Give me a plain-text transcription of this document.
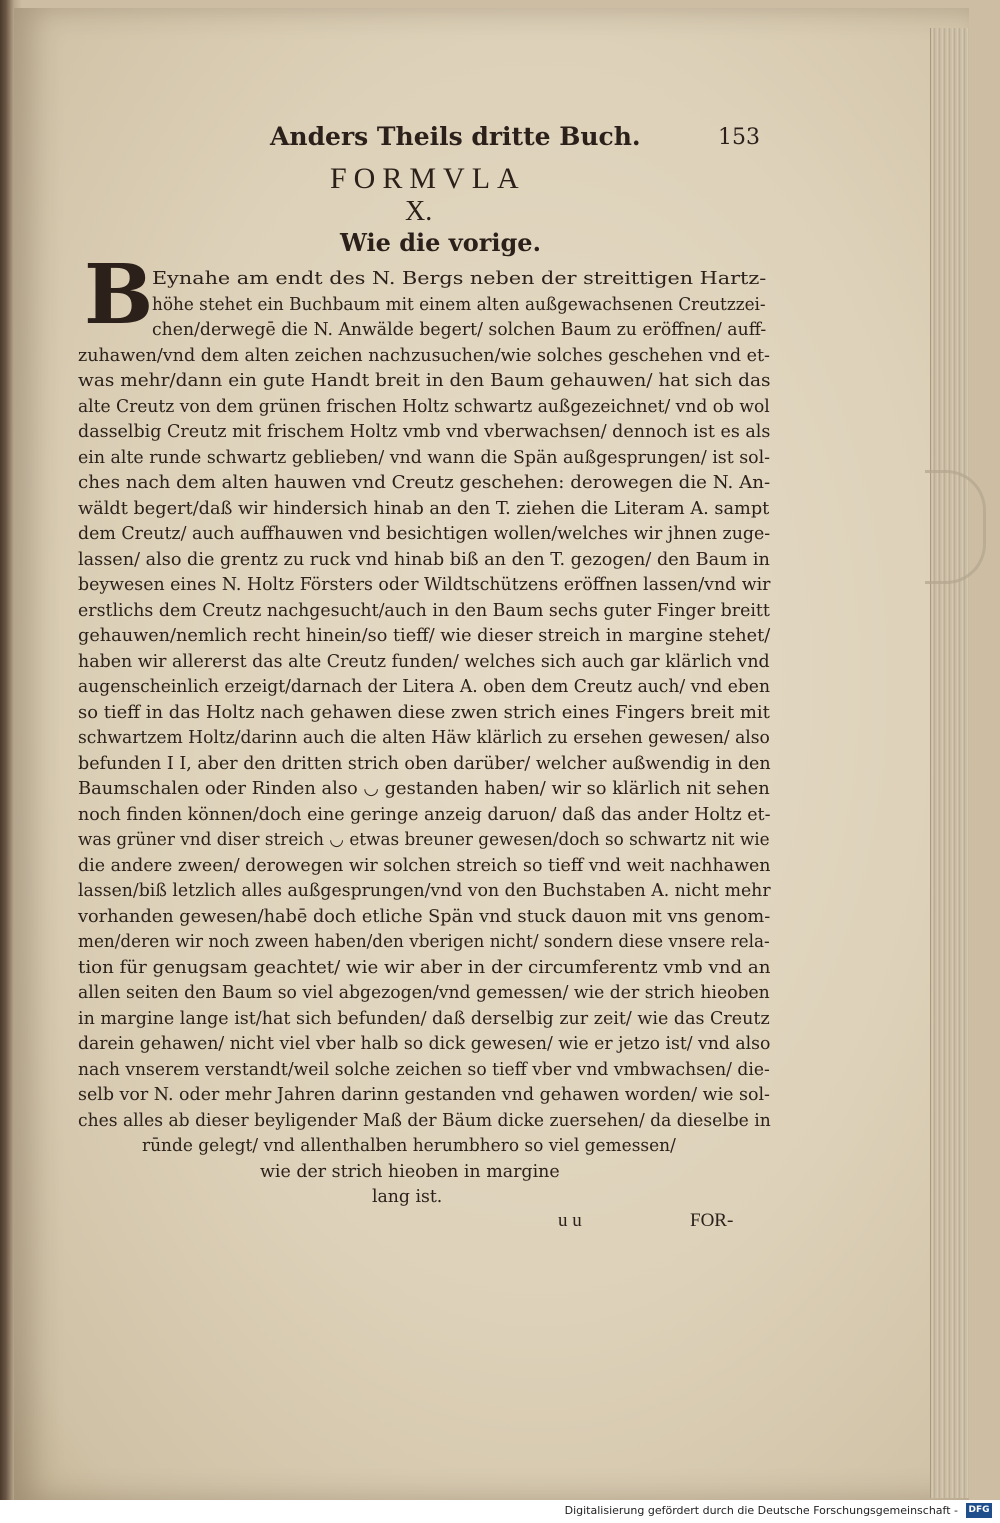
Anders Theils dritte Buch.	153
FORMVLA
X.
Wie die vorige.
B
Eynahe am endt des N. Bergs neben der streittigen Hartz-
höhe stehet ein Buchbaum mit einem alten außgewachsenen Creutzzei-
chen/derwegē die N. Anwälde begert/ solchen Baum zu eröffnen/ auff-
zuhawen/vnd dem alten zeichen nachzusuchen/wie solches geschehen vnd et-
was mehr/dann ein gute Handt breit in den Baum gehauwen/ hat sich das
alte Creutz von dem grünen frischen Holtz schwartz außgezeichnet/ vnd ob wol
dasselbig Creutz mit frischem Holtz vmb vnd vberwachsen/ dennoch ist es als
ein alte runde schwartz geblieben/ vnd wann die Spän außgesprungen/ ist sol-
ches nach dem alten hauwen vnd Creutz geschehen: derowegen die N. An-
wäldt begert/daß wir hindersich hinab an den T. ziehen die Literam A. sampt
dem Creutz/ auch auffhauwen vnd besichtigen wollen/welches wir jhnen zuge-
lassen/ also die grentz zu ruck vnd hinab biß an den T. gezogen/ den Baum in
beywesen eines N. Holtz Försters oder Wildtschützens eröffnen lassen/vnd wir
erstlichs dem Creutz nachgesucht/auch in den Baum sechs guter Finger breitt
gehauwen/nemlich recht hinein/so tieff/ wie dieser streich in margine stehet/
haben wir allererst das alte Creutz funden/ welches sich auch gar klärlich vnd
augenscheinlich erzeigt/darnach der Litera A. oben dem Creutz auch/ vnd eben
so tieff in das Holtz nach gehawen diese zwen strich eines Fingers breit mit
schwartzem Holtz/darinn auch die alten Häw klärlich zu ersehen gewesen/ also
befunden I I, aber den dritten strich oben darüber/ welcher außwendig in den
Baumschalen oder Rinden also ◡ gestanden haben/ wir so klärlich nit sehen
noch finden können/doch eine geringe anzeig daruon/ daß das ander Holtz et-
was grüner vnd diser streich ◡ etwas breuner gewesen/doch so schwartz nit wie
die andere zween/ derowegen wir solchen streich so tieff vnd weit nachhawen
lassen/biß letzlich alles außgesprungen/vnd von den Buchstaben A. nicht mehr
vorhanden gewesen/habē doch etliche Spän vnd stuck dauon mit vns genom-
men/deren wir noch zween haben/den vberigen nicht/ sondern diese vnsere rela-
tion für genugsam geachtet/ wie wir aber in der circumferentz vmb vnd an
allen seiten den Baum so viel abgezogen/vnd gemessen/ wie der strich hieoben
in margine lange ist/hat sich befunden/ daß derselbig zur zeit/ wie das Creutz
darein gehawen/ nicht viel vber halb so dick gewesen/ wie er jetzo ist/ vnd also
nach vnserem verstandt/weil solche zeichen so tieff vber vnd vmbwachsen/ die-
selb vor N. oder mehr Jahren darinn gestanden vnd gehawen worden/ wie sol-
ches alles ab dieser beyligender Maß der Bäum dicke zuersehen/ da dieselbe in
rūnde gelegt/ vnd allenthalben herumbhero so viel gemessen/
wie der strich hieoben in margine
lang ist.
u u	FOR-
Digitalisierung gefördert durch die Deutsche Forschungsgemeinschaft - DFG
